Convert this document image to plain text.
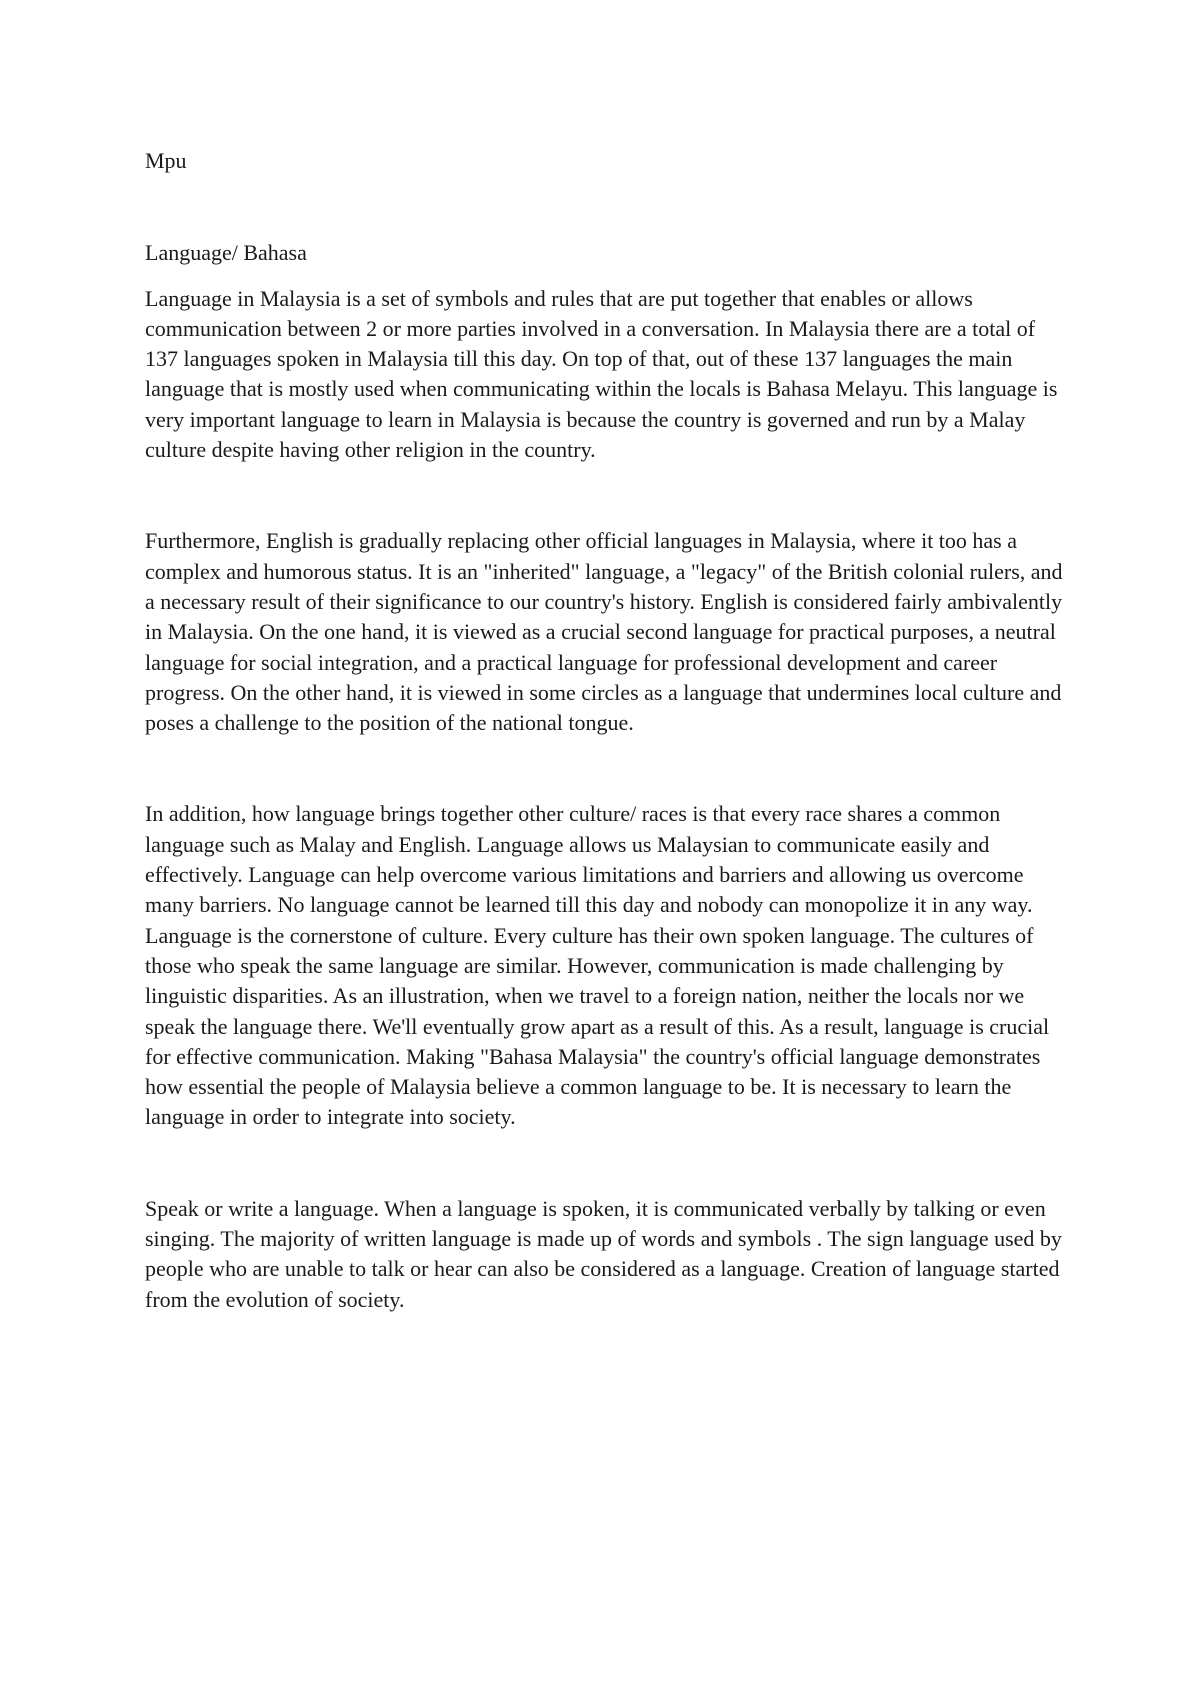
Mpu

Language/ Bahasa

Language in Malaysia is a set of symbols and rules that are put together that enables or allows communication between 2 or more parties involved in a conversation. In Malaysia there are a total of 137 languages spoken in Malaysia till this day. On top of that, out of these 137 languages the main language that is mostly used when communicating within the locals is Bahasa Melayu. This language is very important language to learn in Malaysia is because the country is governed and run by a Malay culture despite having other religion in the country.

Furthermore, English is gradually replacing other official languages in Malaysia, where it too has a complex and humorous status. It is an "inherited" language, a "legacy" of the British colonial rulers, and a necessary result of their significance to our country's history. English is considered fairly ambivalently in Malaysia. On the one hand, it is viewed as a crucial second language for practical purposes, a neutral language for social integration, and a practical language for professional development and career progress. On the other hand, it is viewed in some circles as a language that undermines local culture and poses a challenge to the position of the national tongue.

In addition, how language brings together other culture/ races is that every race shares a common language such as Malay and English. Language allows us Malaysian to communicate easily and effectively. Language can help overcome various limitations and barriers and allowing us overcome many barriers. No language cannot be learned till this day and nobody can monopolize it in any way. Language is the cornerstone of culture. Every culture has their own spoken language. The cultures of those who speak the same language are similar. However, communication is made challenging by linguistic disparities. As an illustration, when we travel to a foreign nation, neither the locals nor we speak the language there. We'll eventually grow apart as a result of this. As a result, language is crucial for effective communication. Making "Bahasa Malaysia" the country's official language demonstrates how essential the people of Malaysia believe a common language to be. It is necessary to learn the language in order to integrate into society.

Speak or write a language. When a language is spoken, it is communicated verbally by talking or even singing. The majority of written language is made up of words and symbols . The sign language used by people who are unable to talk or hear can also be considered as a language. Creation of language started from the evolution of society.
